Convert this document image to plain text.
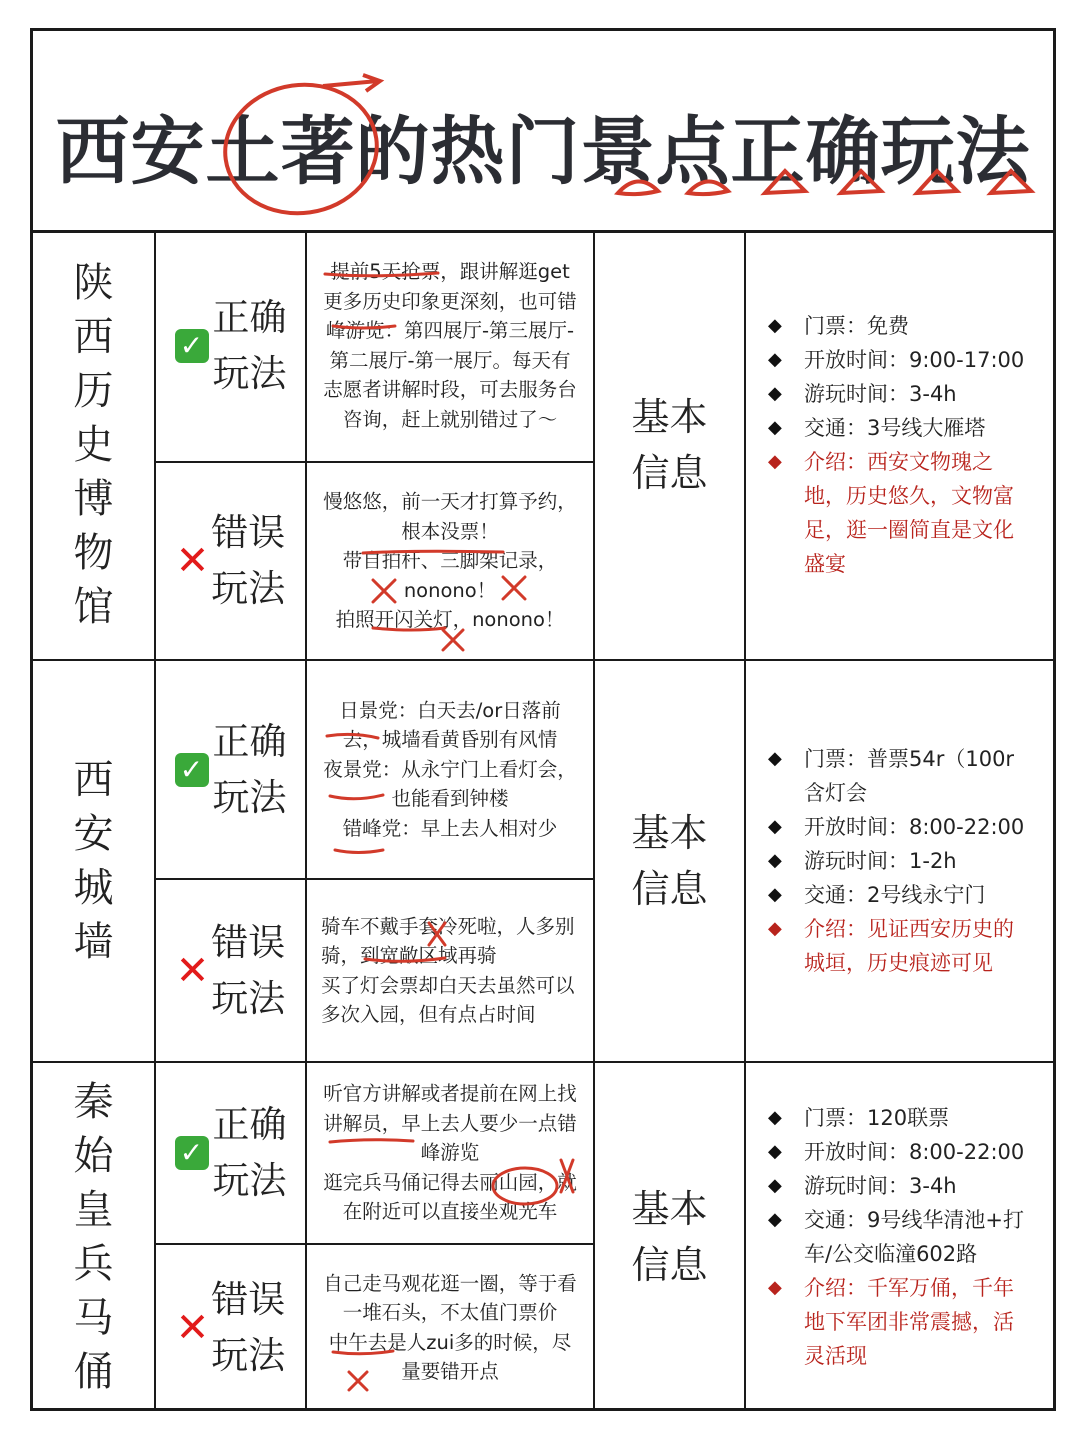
西安土著的热门景点正确玩法
陕西历史博物馆
✓
正确玩法

提前5天抢票，跟讲解逛get更多历史印象更深刻，也可错峰游览：第四展厅-第三展厅-第二展厅-第一展厅。每天有志愿者讲解时段，可去服务台咨询，赶上就别错过了～

✕
错误玩法

慢悠悠，前一天才打算予约，根本没票！
带自拍杆、三脚架记录，nonono！
拍照开闪关灯，nonono！

基本信息
◆ 门票：免费
◆ 开放时间：9:00-17:00
◆ 游玩时间：3-4h
◆ 交通：3号线大雁塔
◆ 介绍：西安文物瑰之地，历史悠久，文物富足，逛一圈简直是文化盛宴
西安城墙
✓
正确玩法

日景党：白天去/or日落前去，城墙看黄昏别有风情
夜景党：从永宁门上看灯会，也能看到钟楼
错峰党：早上去人相对少

✕
错误玩法

骑车不戴手套冷死啦，人多别骑，到宽敞区域再骑
买了灯会票却白天去虽然可以多次入园，但有点占时间

基本信息
◆ 门票：普票54r（100r含灯会
◆ 开放时间：8:00-22:00
◆ 游玩时间：1-2h
◆ 交通：2号线永宁门
◆ 介绍：见证西安历史的城垣，历史痕迹可见
秦始皇兵马俑
✓
正确玩法

听官方讲解或者提前在网上找讲解员，早上去人要少一点错峰游览
逛完兵马俑记得去丽山园，就在附近可以直接坐观光车

✕
错误玩法

自己走马观花逛一圈，等于看一堆石头，不太值门票价
中午去是人zui多的时候，尽量要错开点

基本信息
◆ 门票：120联票
◆ 开放时间：8:00-22:00
◆ 游玩时间：3-4h
◆ 交通：9号线华清池+打车/公交临潼602路
◆ 介绍：千军万俑，千年地下军团非常震撼，活灵活现
